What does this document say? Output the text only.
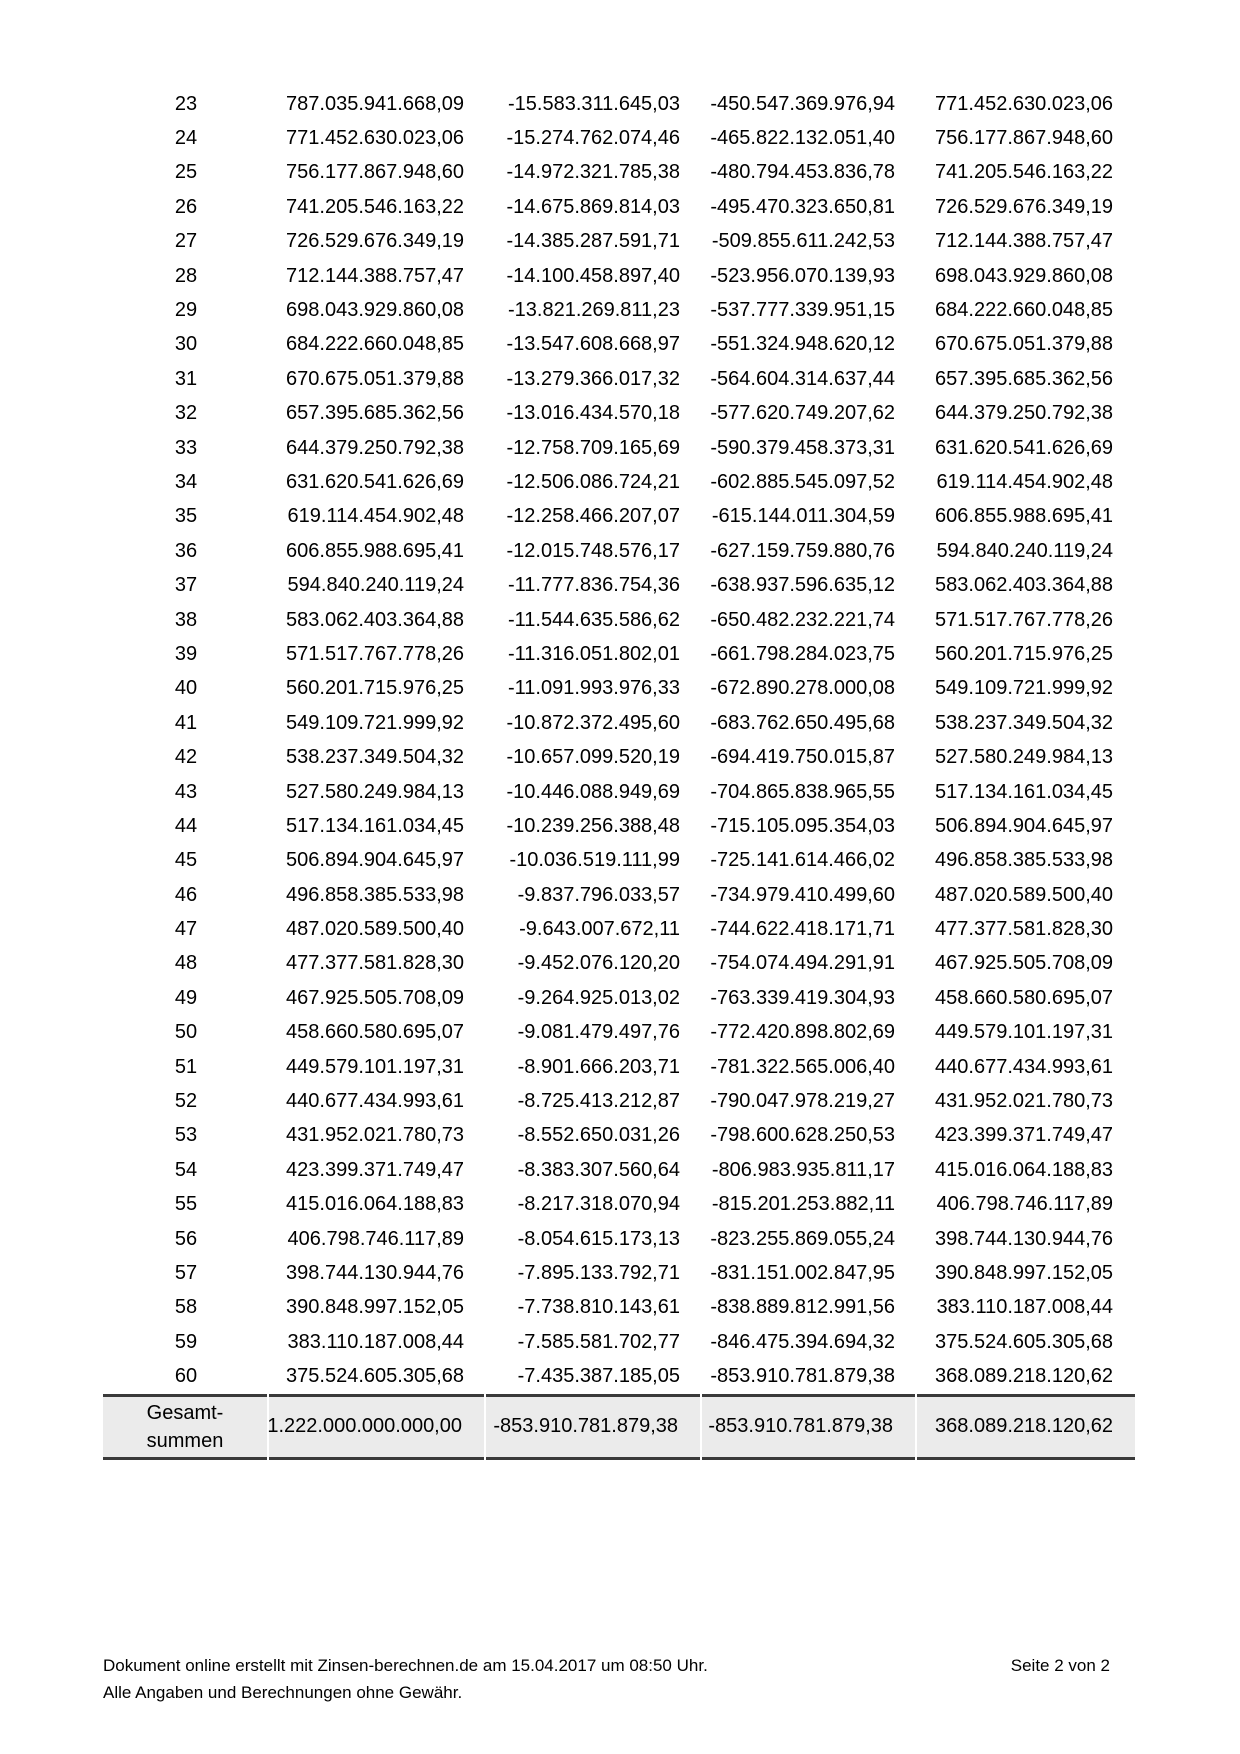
23	787.035.941.668,09	-15.583.311.645,03	-450.547.369.976,94	771.452.630.023,06
24	771.452.630.023,06	-15.274.762.074,46	-465.822.132.051,40	756.177.867.948,60
25	756.177.867.948,60	-14.972.321.785,38	-480.794.453.836,78	741.205.546.163,22
26	741.205.546.163,22	-14.675.869.814,03	-495.470.323.650,81	726.529.676.349,19
27	726.529.676.349,19	-14.385.287.591,71	-509.855.611.242,53	712.144.388.757,47
28	712.144.388.757,47	-14.100.458.897,40	-523.956.070.139,93	698.043.929.860,08
29	698.043.929.860,08	-13.821.269.811,23	-537.777.339.951,15	684.222.660.048,85
30	684.222.660.048,85	-13.547.608.668,97	-551.324.948.620,12	670.675.051.379,88
31	670.675.051.379,88	-13.279.366.017,32	-564.604.314.637,44	657.395.685.362,56
32	657.395.685.362,56	-13.016.434.570,18	-577.620.749.207,62	644.379.250.792,38
33	644.379.250.792,38	-12.758.709.165,69	-590.379.458.373,31	631.620.541.626,69
34	631.620.541.626,69	-12.506.086.724,21	-602.885.545.097,52	619.114.454.902,48
35	619.114.454.902,48	-12.258.466.207,07	-615.144.011.304,59	606.855.988.695,41
36	606.855.988.695,41	-12.015.748.576,17	-627.159.759.880,76	594.840.240.119,24
37	594.840.240.119,24	-11.777.836.754,36	-638.937.596.635,12	583.062.403.364,88
38	583.062.403.364,88	-11.544.635.586,62	-650.482.232.221,74	571.517.767.778,26
39	571.517.767.778,26	-11.316.051.802,01	-661.798.284.023,75	560.201.715.976,25
40	560.201.715.976,25	-11.091.993.976,33	-672.890.278.000,08	549.109.721.999,92
41	549.109.721.999,92	-10.872.372.495,60	-683.762.650.495,68	538.237.349.504,32
42	538.237.349.504,32	-10.657.099.520,19	-694.419.750.015,87	527.580.249.984,13
43	527.580.249.984,13	-10.446.088.949,69	-704.865.838.965,55	517.134.161.034,45
44	517.134.161.034,45	-10.239.256.388,48	-715.105.095.354,03	506.894.904.645,97
45	506.894.904.645,97	-10.036.519.111,99	-725.141.614.466,02	496.858.385.533,98
46	496.858.385.533,98	-9.837.796.033,57	-734.979.410.499,60	487.020.589.500,40
47	487.020.589.500,40	-9.643.007.672,11	-744.622.418.171,71	477.377.581.828,30
48	477.377.581.828,30	-9.452.076.120,20	-754.074.494.291,91	467.925.505.708,09
49	467.925.505.708,09	-9.264.925.013,02	-763.339.419.304,93	458.660.580.695,07
50	458.660.580.695,07	-9.081.479.497,76	-772.420.898.802,69	449.579.101.197,31
51	449.579.101.197,31	-8.901.666.203,71	-781.322.565.006,40	440.677.434.993,61
52	440.677.434.993,61	-8.725.413.212,87	-790.047.978.219,27	431.952.021.780,73
53	431.952.021.780,73	-8.552.650.031,26	-798.600.628.250,53	423.399.371.749,47
54	423.399.371.749,47	-8.383.307.560,64	-806.983.935.811,17	415.016.064.188,83
55	415.016.064.188,83	-8.217.318.070,94	-815.201.253.882,11	406.798.746.117,89
56	406.798.746.117,89	-8.054.615.173,13	-823.255.869.055,24	398.744.130.944,76
57	398.744.130.944,76	-7.895.133.792,71	-831.151.002.847,95	390.848.997.152,05
58	390.848.997.152,05	-7.738.810.143,61	-838.889.812.991,56	383.110.187.008,44
59	383.110.187.008,44	-7.585.581.702,77	-846.475.394.694,32	375.524.605.305,68
60	375.524.605.305,68	-7.435.387.185,05	-853.910.781.879,38	368.089.218.120,62
Gesamt-
summen
1.222.000.000.000,00	-853.910.781.879,38	-853.910.781.879,38	368.089.218.120,62
Dokument online erstellt mit Zinsen-berechnen.de am 15.04.2017 um 08:50 Uhr.
Alle Angaben und Berechnungen ohne Gewähr.
Seite 2 von 2
